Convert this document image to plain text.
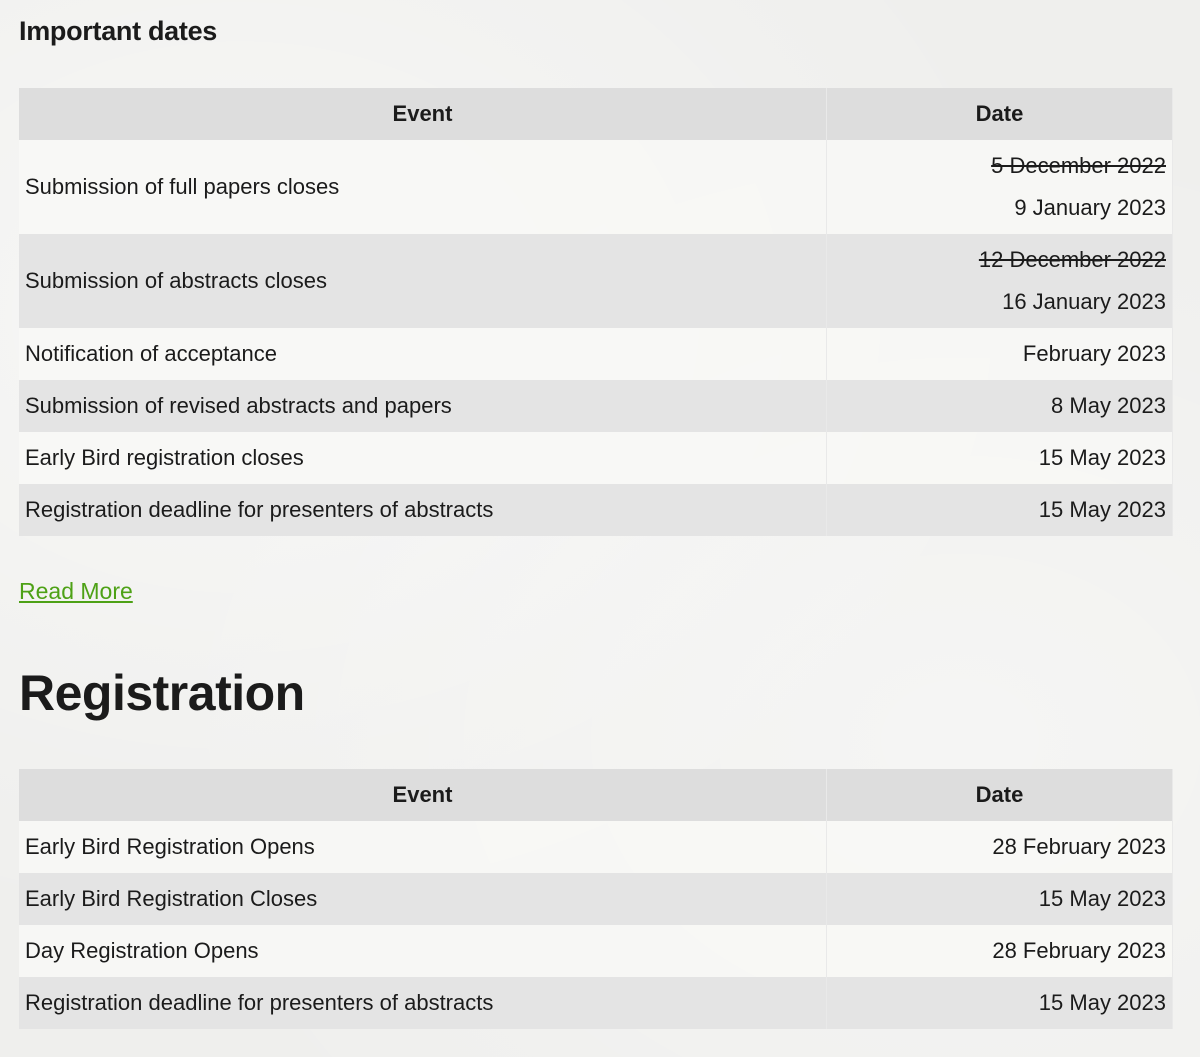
Important dates
Event	Date
Submission of full papers closes	5 December 2022
9 January 2023

Submission of abstracts closes	12 December 2022
16 January 2023

Notification of acceptance	February 2023
Submission of revised abstracts and papers	8 May 2023
Early Bird registration closes	15 May 2023
Registration deadline for presenters of abstracts	15 May 2023
Read More
Registration
Event	Date
Early Bird Registration Opens	28 February 2023
Early Bird Registration Closes	15 May 2023
Day Registration Opens	28 February 2023
Registration deadline for presenters of abstracts	15 May 2023
